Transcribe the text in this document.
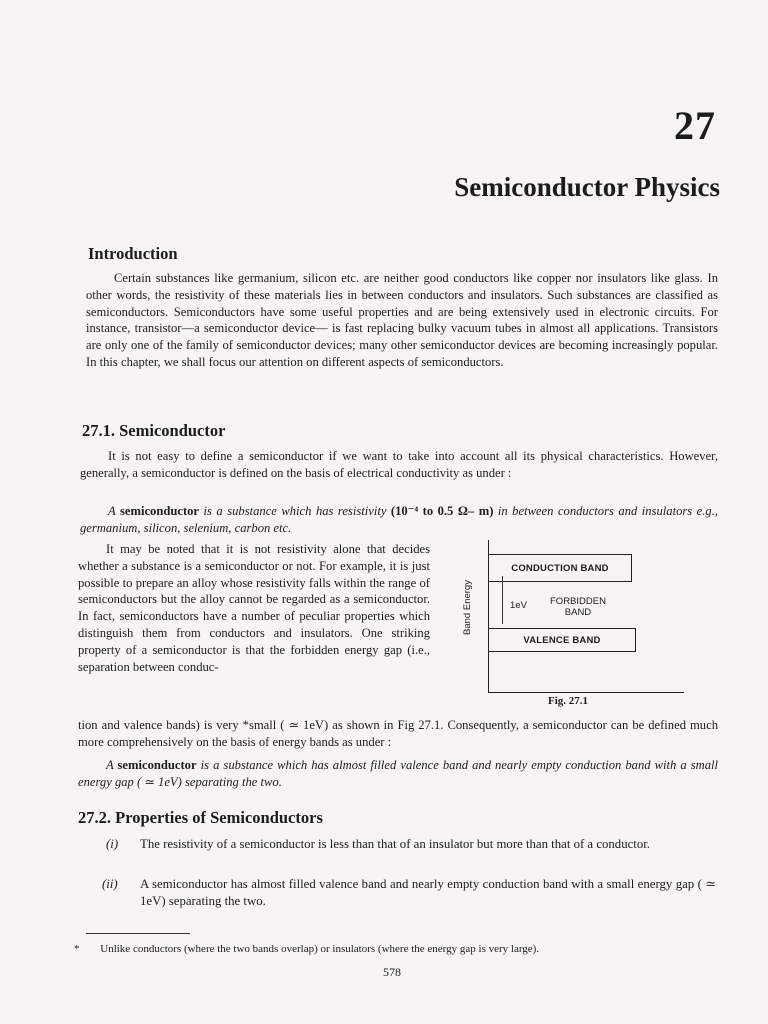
27
Semiconductor Physics
Introduction

Certain substances like germanium, silicon etc. are neither good conductors like copper nor insulators like glass. In other words, the resistivity of these materials lies in between conductors and insulators. Such substances are classified as semiconductors. Semiconductors have some useful properties and are being extensively used in electronic circuits. For instance, transistor—a semiconductor device— is fast replacing bulky vacuum tubes in almost all applications. Transistors are only one of the family of semiconductor devices; many other semiconductor devices are becoming increasingly popular. In this chapter, we shall focus our attention on different aspects of semiconductors.

27.1. Semiconductor

It is not easy to define a semiconductor if we want to take into account all its physical characteristics. However, generally, a semiconductor is defined on the basis of electrical conductivity as under :

A semiconductor is a substance which has resistivity (10⁻⁴ to 0.5 Ω– m) in between conductors and insulators e.g., germanium, silicon, selenium, carbon etc.

It may be noted that it is not resistivity alone that decides whether a substance is a semiconductor or not. For example, it is just possible to prepare an alloy whose resistivity falls within the range of semiconductors but the alloy cannot be regarded as a semiconductor. In fact, semiconductors have a number of peculiar properties which distinguish them from conductors and insulators. One striking property of a semiconductor is that the forbidden energy gap (i.e., separation between conduc-

tion and valence bands) is very *small ( ≃ 1eV) as shown in Fig 27.1. Consequently, a semiconductor can be defined much more comprehensively on the basis of energy bands as under :

A semiconductor is a substance which has almost filled valence band and nearly empty conduction band with a small energy gap ( ≃ 1eV) separating the two.

Band Energy
CONDUCTION BAND
1eV FORBIDDEN
BAND
VALENCE BAND
Fig. 27.1
27.2. Properties of Semiconductors
(i) The resistivity of a semiconductor is less than that of an insulator but more than that of a conductor.
(ii) A semiconductor has almost filled valence band and nearly empty conduction band with a small energy gap ( ≃ 1eV) separating the two.
* Unlike conductors (where the two bands overlap) or insulators (where the energy gap is very large).
578
